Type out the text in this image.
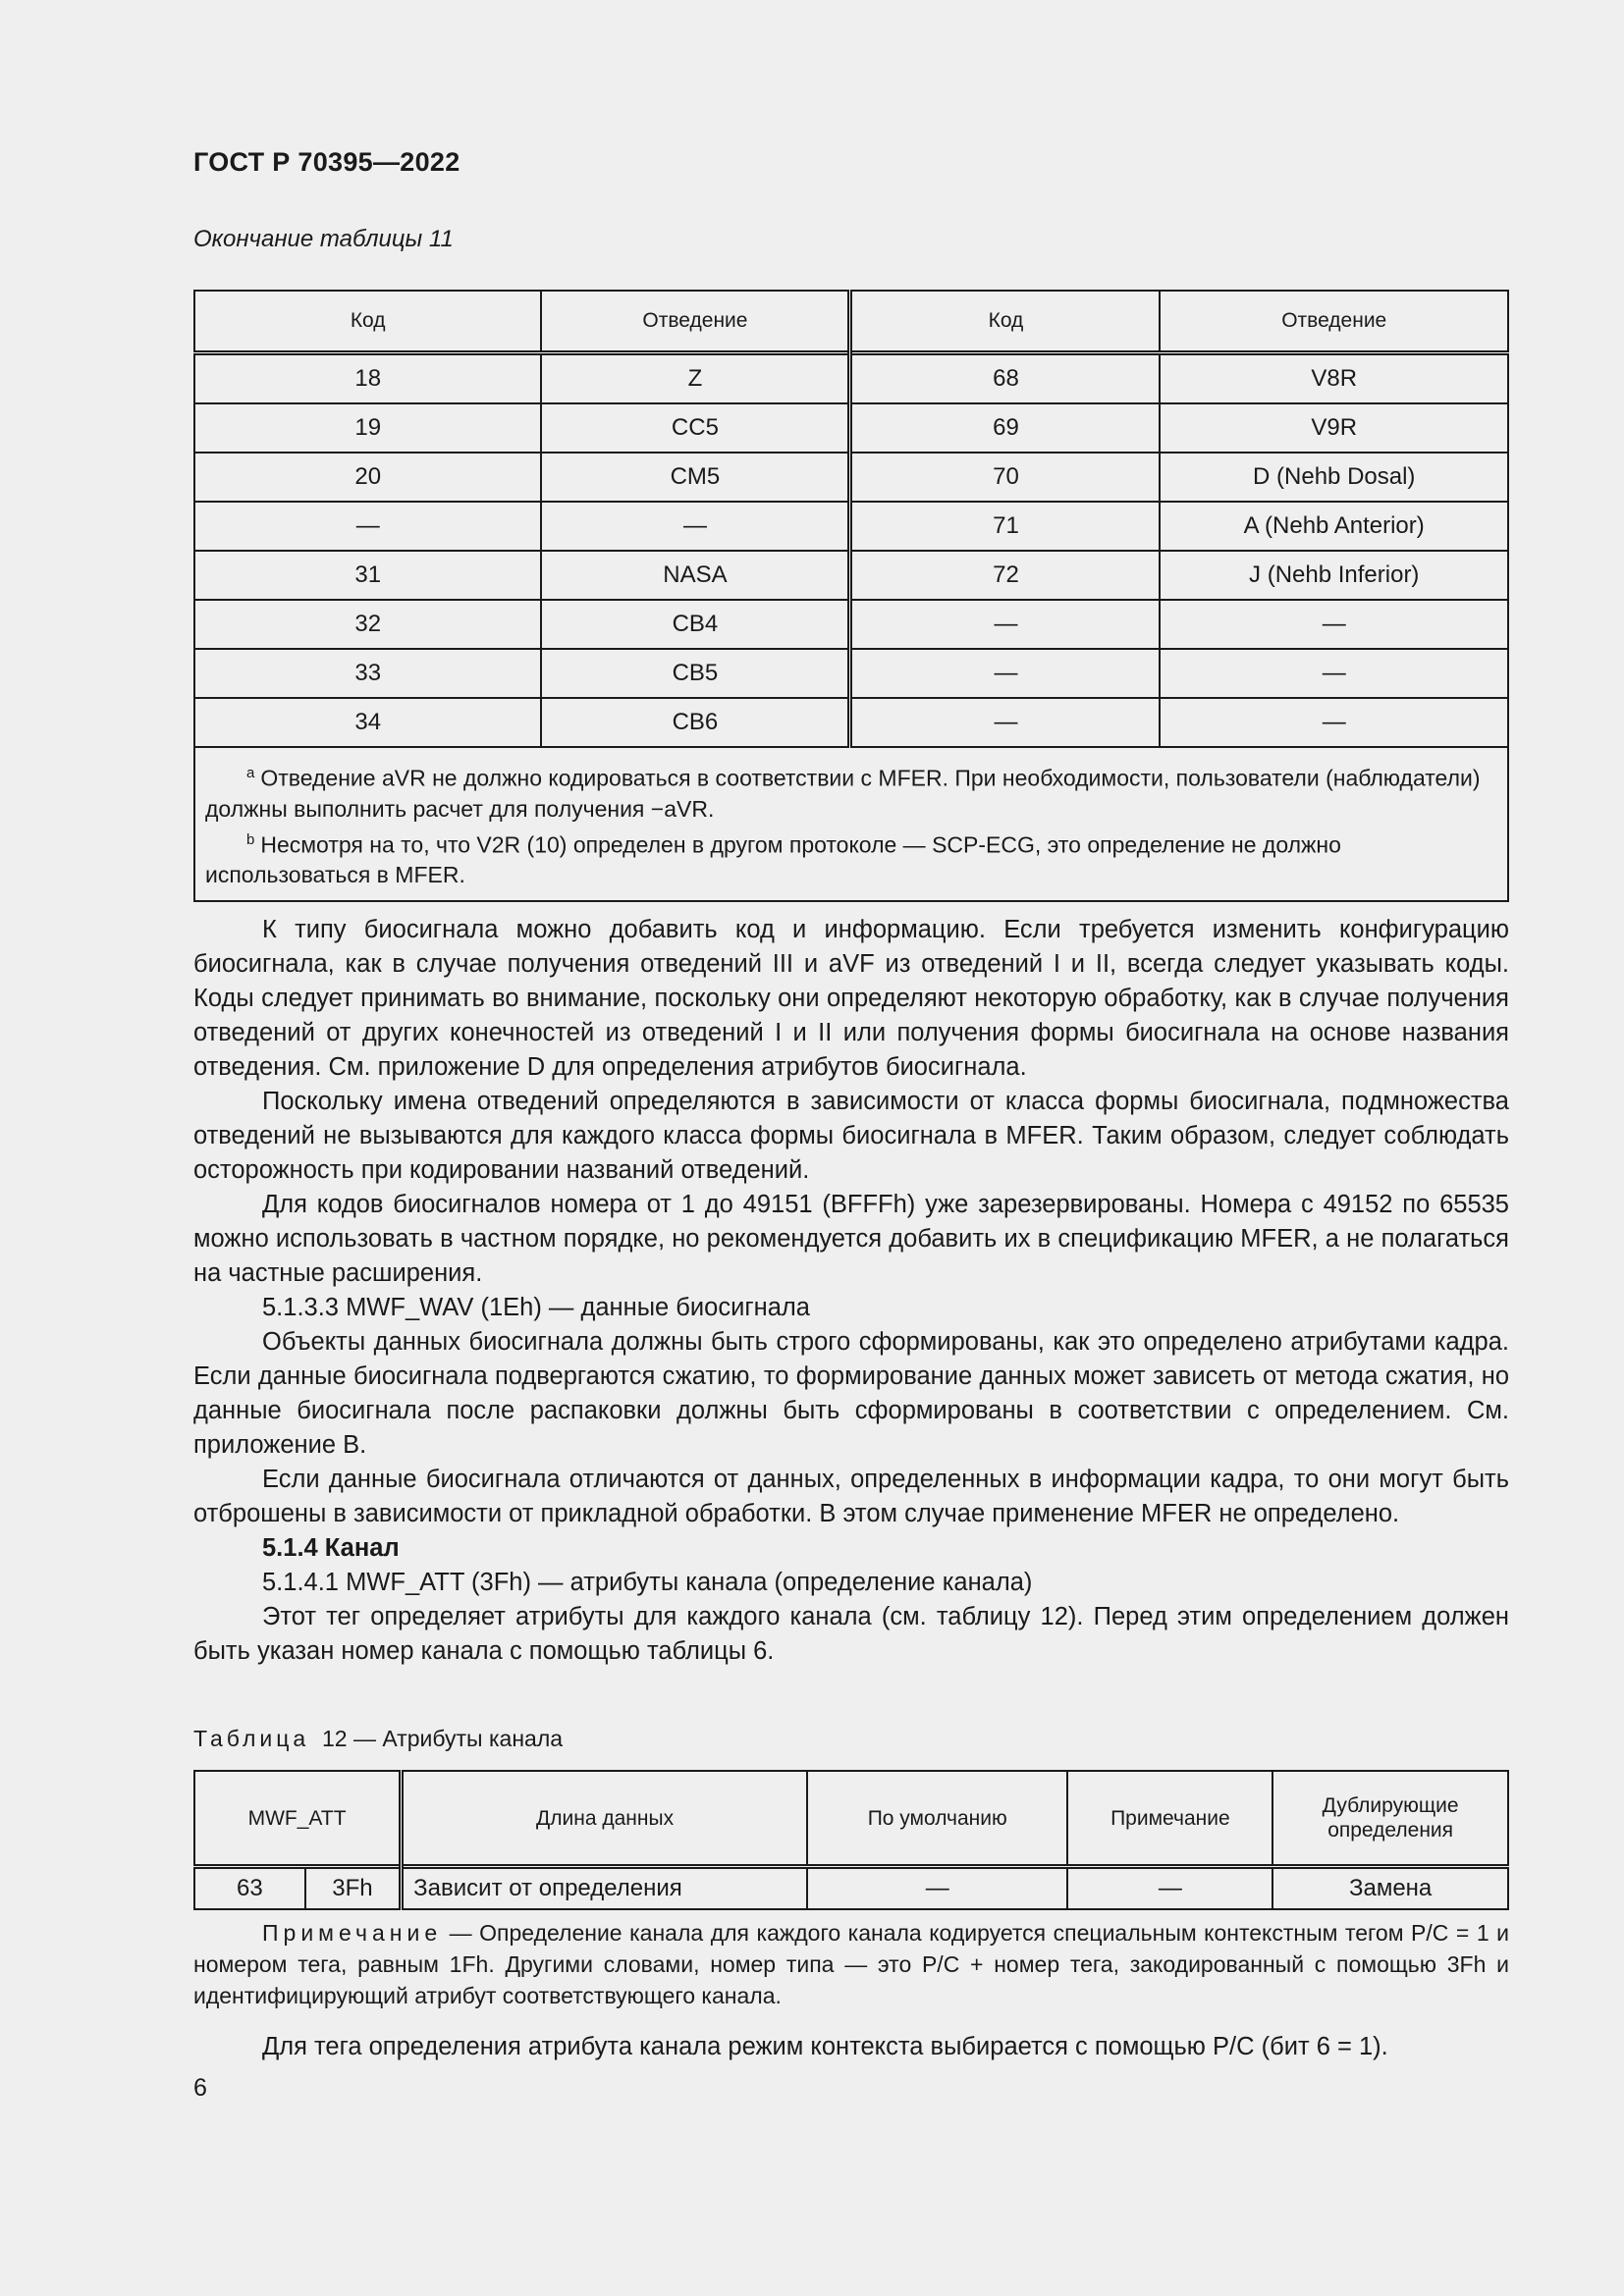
ГОСТ Р 70395—2022
Окончание таблицы 11
Код	Отведение	Код	Отведение
18	Z	68	V8R
19	CC5	69	V9R
20	CM5	70	D (Nehb Dosal)
—	—	71	A (Nehb Anterior)
31	NASA	72	J (Nehb Inferior)
32	CB4	—	—
33	CB5	—	—
34	CB6	—	—

$^a$ Отведение aVR не должно кодироваться в соответствии с MFER. При необходимости, пользователи (наблюдатели) должны выполнить расчет для получения −aVR.
$^b$ Несмотря на то, что V2R (10) определен в другом протоколе — SCP-ECG, это определение не должно использоваться в MFER.			

К типу биосигнала можно добавить код и информацию. Если требуется изменить конфигурацию биосигнала, как в случае получения отведений III и aVF из отведений I и II, всегда следует указывать коды. Коды следует принимать во внимание, поскольку они определяют некоторую обработку, как в случае получения отведений от других конечностей из отведений I и II или получения формы биосигнала на основе названия отведения. См. приложение D для определения атрибутов биосигнала.

Поскольку имена отведений определяются в зависимости от класса формы биосигнала, подмножества отведений не вызываются для каждого класса формы биосигнала в MFER. Таким образом, следует соблюдать осторожность при кодировании названий отведений.

Для кодов биосигналов номера от 1 до 49151 (BFFFh) уже зарезервированы. Номера с 49152 по 65535 можно использовать в частном порядке, но рекомендуется добавить их в спецификацию MFER, а не полагаться на частные расширения.

5.1.3.3 MWF_WAV (1Eh) — данные биосигнала

Объекты данных биосигнала должны быть строго сформированы, как это определено атрибутами кадра. Если данные биосигнала подвергаются сжатию, то формирование данных может зависеть от метода сжатия, но данные биосигнала после распаковки должны быть сформированы в соответствии с определением. См. приложение B.

Если данные биосигнала отличаются от данных, определенных в информации кадра, то они могут быть отброшены в зависимости от прикладной обработки. В этом случае применение MFER не определено.

5.1.4 Канал

5.1.4.1 MWF_ATT (3Fh) — атрибуты канала (определение канала)

Этот тег определяет атрибуты для каждого канала (см. таблицу 12). Перед этим определением должен быть указан номер канала с помощью таблицы 6.

Таблица 12 — Атрибуты канала
MWF_ATT		Длина данных	По умолчанию	Примечание	Дублирующие определения
63	3Fh	Зависит от определения	—	—	Замена
Примечание — Определение канала для каждого канала кодируется специальным контекстным тегом P/C = 1 и номером тега, равным 1Fh. Другими словами, номер типа — это P/C + номер тега, закодированный с помощью 3Fh и идентифицирующий атрибут соответствующего канала.
Для тега определения атрибута канала режим контекста выбирается с помощью P/C (бит 6 = 1).
6
